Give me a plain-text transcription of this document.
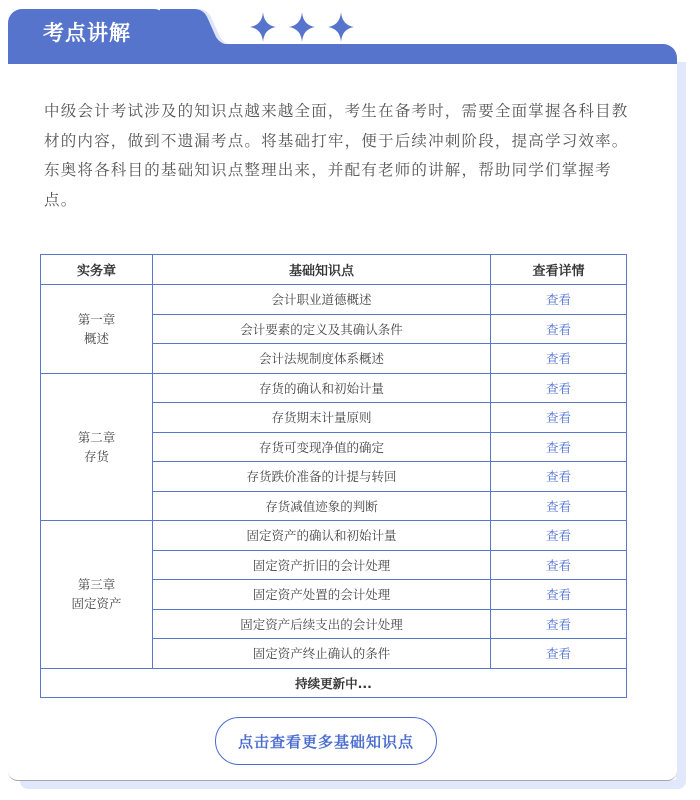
考点讲解

中级会计考试涉及的知识点越来越全面，考生在备考时，需要全面掌握各科目教材的内容，做到不遗漏考点。将基础打牢，便于后续冲刺阶段，提高学习效率。东奥将各科目的基础知识点整理出来，并配有老师的讲解，帮助同学们掌握考点。

实务章	基础知识点	查看详情

第一章
概述	会计职业道德概述	查看
	会计要素的定义及其确认条件	查看
	会计法规制度体系概述	查看

第二章
存货	存货的确认和初始计量	查看
	存货期末计量原则	查看
	存货可变现净值的确定	查看
	存货跌价准备的计提与转回	查看
	存货减值迹象的判断	查看

第三章
固定资产	固定资产的确认和初始计量	查看
	固定资产折旧的会计处理	查看
	固定资产处置的会计处理	查看
	固定资产后续支出的会计处理	查看
	固定资产终止确认的条件	查看
持续更新中...		
点击查看更多基础知识点
